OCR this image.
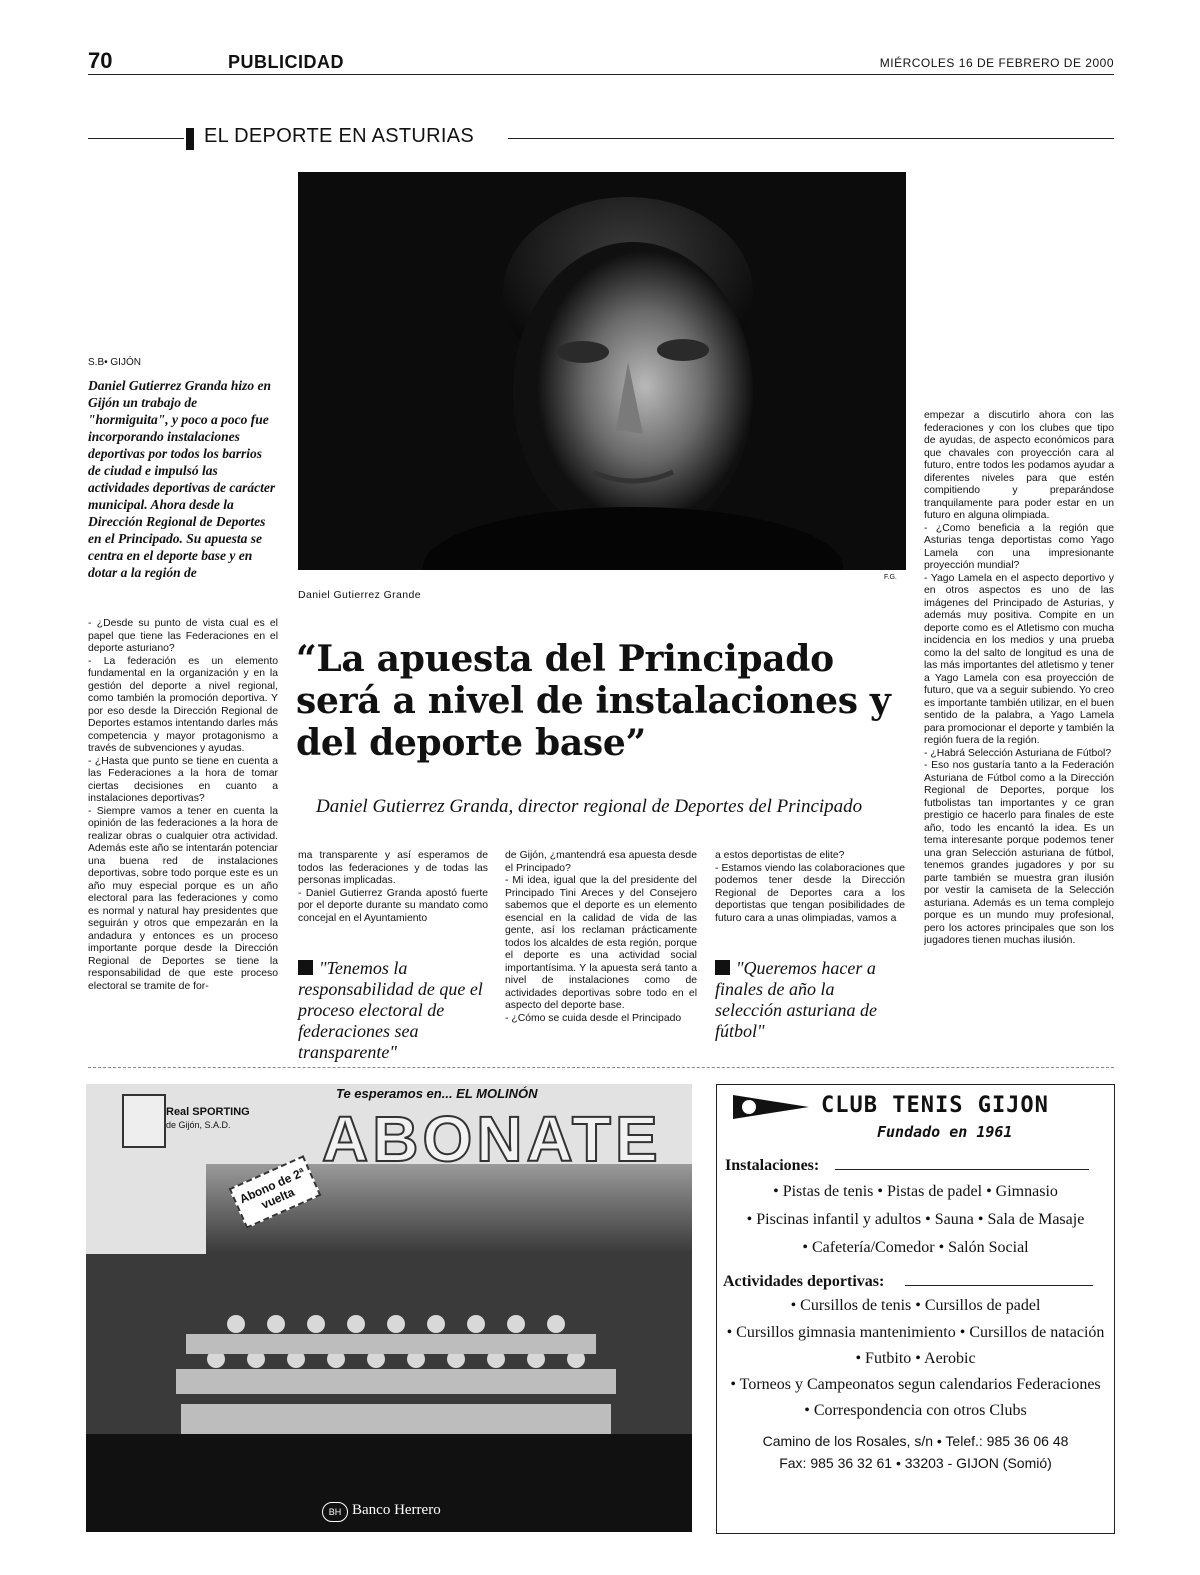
70	PUBLICIDAD	MIÉRCOLES 16 DE FEBRERO DE 2000
EL DEPORTE EN ASTURIAS
S.B• GIJÓN
Daniel Gutierrez Granda hizo en Gijón un trabajo de "hormiguita", y poco a poco fue incorporando instalaciones deportivas por todos los barrios de ciudad e impulsó las actividades deportivas de carácter municipal. Ahora desde la Dirección Regional de Deportes en el Principado. Su apuesta se centra en el deporte base y en dotar a la región de
- ¿Desde su punto de vista cual es el papel que tiene las Federaciones en el deporte asturiano?
- La federación es un elemento fundamental en la organización y en la gestión del deporte a nivel regional, como también la promoción deportiva. Y por eso desde la Dirección Regional de Deportes estamos intentando darles más competencia y mayor protagonismo a través de subvenciones y ayudas.
- ¿Hasta que punto se tiene en cuenta a las Federaciones a la hora de tomar ciertas decisiones en cuanto a instalaciones deportivas?
- Siempre vamos a tener en cuenta la opinión de las federaciones a la hora de realizar obras o cualquier otra actividad. Además este año se intentarán potenciar una buena red de instalaciones deportivas, sobre todo porque este es un año muy especial porque es un año electoral para las federaciones y como es normal y natural hay presidentes que seguirán y otros que empezarán en la andadura y entonces es un proceso importante porque desde la Dirección Regional de Deportes se tiene la responsabilidad de que este proceso electoral se tramite de for-
F.G.
Daniel Gutierrez Grande
“La apuesta del Principado será a nivel de instalaciones y del deporte base”
Daniel Gutierrez Granda, director regional de Deportes del Principado
ma transparente y así esperamos de todos las federaciones y de todas las personas implicadas.
- Daniel Gutierrez Granda apostó fuerte por el deporte durante su mandato como concejal en el Ayuntamiento
de Gijón, ¿mantendrá esa apuesta desde el Principado?
- Mi idea, igual que la del presidente del Principado Tini Areces y del Consejero sabemos que el deporte es un elemento esencial en la calidad de vida de las gente, así los reclaman prácticamente todos los alcaldes de esta región, porque el deporte es una actividad social importantísima. Y la apuesta será tanto a nivel de instalaciones como de actividades deportivas sobre todo en el aspecto del deporte base.
- ¿Cómo se cuida desde el Principado
a estos deportistas de elite?
- Estamos viendo las colaboraciones que podemos tener desde la Dirección Regional de Deportes cara a los deportistas que tengan posibilidades de futuro cara a unas olimpiadas, vamos a
empezar a discutirlo ahora con las federaciones y con los clubes que tipo de ayudas, de aspecto económicos para que chavales con proyección cara al futuro, entre todos les podamos ayudar a diferentes niveles para que estén compitiendo y preparándose tranquilamente para poder estar en un futuro en alguna olimpiada.
- ¿Como beneficia a la región que Asturias tenga deportistas como Yago Lamela con una impresionante proyección mundial?
- Yago Lamela en el aspecto deportivo y en otros aspectos es uno de las imágenes del Principado de Asturias, y además muy positiva. Compite en un deporte como es el Atletismo con mucha incidencia en los medios y una prueba como la del salto de longitud es una de las más importantes del atletismo y tener a Yago Lamela con esa proyección de futuro, que va a seguir subiendo. Yo creo es importante también utilizar, en el buen sentido de la palabra, a Yago Lamela para promocionar el deporte y también la región fuera de la región.
- ¿Habrá Selección Asturiana de Fútbol?
- Eso nos gustaría tanto a la Federación Asturiana de Fútbol como a la Dirección Regional de Deportes, porque los futbolistas tan importantes y ce gran prestigio ce hacerlo para finales de este año, todo les encantó la idea. Es un tema interesante porque podemos tener una gran Selección asturiana de fútbol, tenemos grandes jugadores y por su parte también se muestra gran ilusión por vestir la camiseta de la Selección asturiana. Además es un tema complejo porque es un mundo muy profesional, pero los actores principales que son los jugadores tienen muchas ilusión.
"Tenemos la responsabilidad de que el proceso electoral de federaciones sea transparente"
"Queremos hacer a finales de año la selección asturiana de fútbol"
Real SPORTING
de Gijón, S.A.D.
Te esperamos en... EL MOLINÓN
ABONATE
Abono de 2ª vuelta
BH Banco Herrero
CLUB TENIS GIJON
Fundado en 1961
Instalaciones:
• Pistas de tenis • Pistas de padel • Gimnasio
• Piscinas infantil y adultos • Sauna • Sala de Masaje
• Cafetería/Comedor • Salón Social
Actividades deportivas:
• Cursillos de tenis • Cursillos de padel
• Cursillos gimnasia mantenimiento • Cursillos de natación
• Futbito • Aerobic
• Torneos y Campeonatos segun calendarios Federaciones
• Correspondencia con otros Clubs
Camino de los Rosales, s/n • Telef.: 985 36 06 48
Fax: 985 36 32 61 • 33203 - GIJON (Somió)
